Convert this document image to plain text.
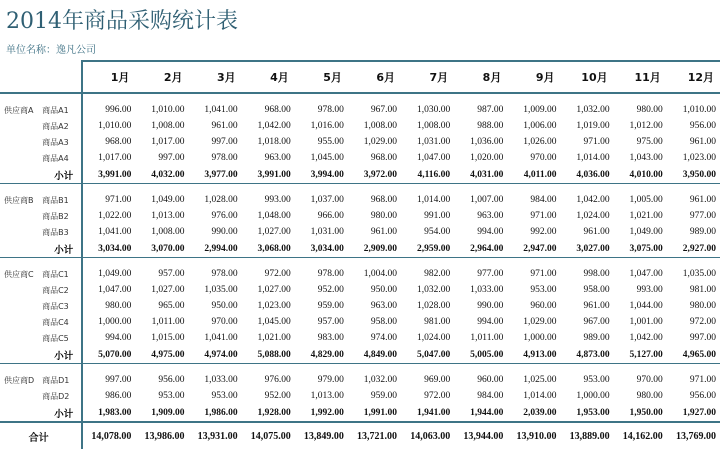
2014年商品采购统计表
单位名称：逸凡公司
		1月	2月	3月	4月	5月	6月	7月	8月	9月	10月	11月	12月
供应商A	商品A1	996.00	1,010.00	1,041.00	968.00	978.00	967.00	1,030.00	987.00	1,009.00	1,032.00	980.00	1,010.00
	商品A2	1,010.00	1,008.00	961.00	1,042.00	1,016.00	1,008.00	1,008.00	988.00	1,006.00	1,019.00	1,012.00	956.00
	商品A3	968.00	1,017.00	997.00	1,018.00	955.00	1,029.00	1,031.00	1,036.00	1,026.00	971.00	975.00	961.00
	商品A4	1,017.00	997.00	978.00	963.00	1,045.00	968.00	1,047.00	1,020.00	970.00	1,014.00	1,043.00	1,023.00
	小计	3,991.00	4,032.00	3,977.00	3,991.00	3,994.00	3,972.00	4,116.00	4,031.00	4,011.00	4,036.00	4,010.00	3,950.00
供应商B	商品B1	971.00	1,049.00	1,028.00	993.00	1,037.00	968.00	1,014.00	1,007.00	984.00	1,042.00	1,005.00	961.00
	商品B2	1,022.00	1,013.00	976.00	1,048.00	966.00	980.00	991.00	963.00	971.00	1,024.00	1,021.00	977.00
	商品B3	1,041.00	1,008.00	990.00	1,027.00	1,031.00	961.00	954.00	994.00	992.00	961.00	1,049.00	989.00
	小计	3,034.00	3,070.00	2,994.00	3,068.00	3,034.00	2,909.00	2,959.00	2,964.00	2,947.00	3,027.00	3,075.00	2,927.00
供应商C	商品C1	1,049.00	957.00	978.00	972.00	978.00	1,004.00	982.00	977.00	971.00	998.00	1,047.00	1,035.00
	商品C2	1,047.00	1,027.00	1,035.00	1,027.00	952.00	950.00	1,032.00	1,033.00	953.00	958.00	993.00	981.00
	商品C3	980.00	965.00	950.00	1,023.00	959.00	963.00	1,028.00	990.00	960.00	961.00	1,044.00	980.00
	商品C4	1,000.00	1,011.00	970.00	1,045.00	957.00	958.00	981.00	994.00	1,029.00	967.00	1,001.00	972.00
	商品C5	994.00	1,015.00	1,041.00	1,021.00	983.00	974.00	1,024.00	1,011.00	1,000.00	989.00	1,042.00	997.00
	小计	5,070.00	4,975.00	4,974.00	5,088.00	4,829.00	4,849.00	5,047.00	5,005.00	4,913.00	4,873.00	5,127.00	4,965.00
供应商D	商品D1	997.00	956.00	1,033.00	976.00	979.00	1,032.00	969.00	960.00	1,025.00	953.00	970.00	971.00
	商品D2	986.00	953.00	953.00	952.00	1,013.00	959.00	972.00	984.00	1,014.00	1,000.00	980.00	956.00
	小计	1,983.00	1,909.00	1,986.00	1,928.00	1,992.00	1,991.00	1,941.00	1,944.00	2,039.00	1,953.00	1,950.00	1,927.00
合计		14,078.00	13,986.00	13,931.00	14,075.00	13,849.00	13,721.00	14,063.00	13,944.00	13,910.00	13,889.00	14,162.00	13,769.00
